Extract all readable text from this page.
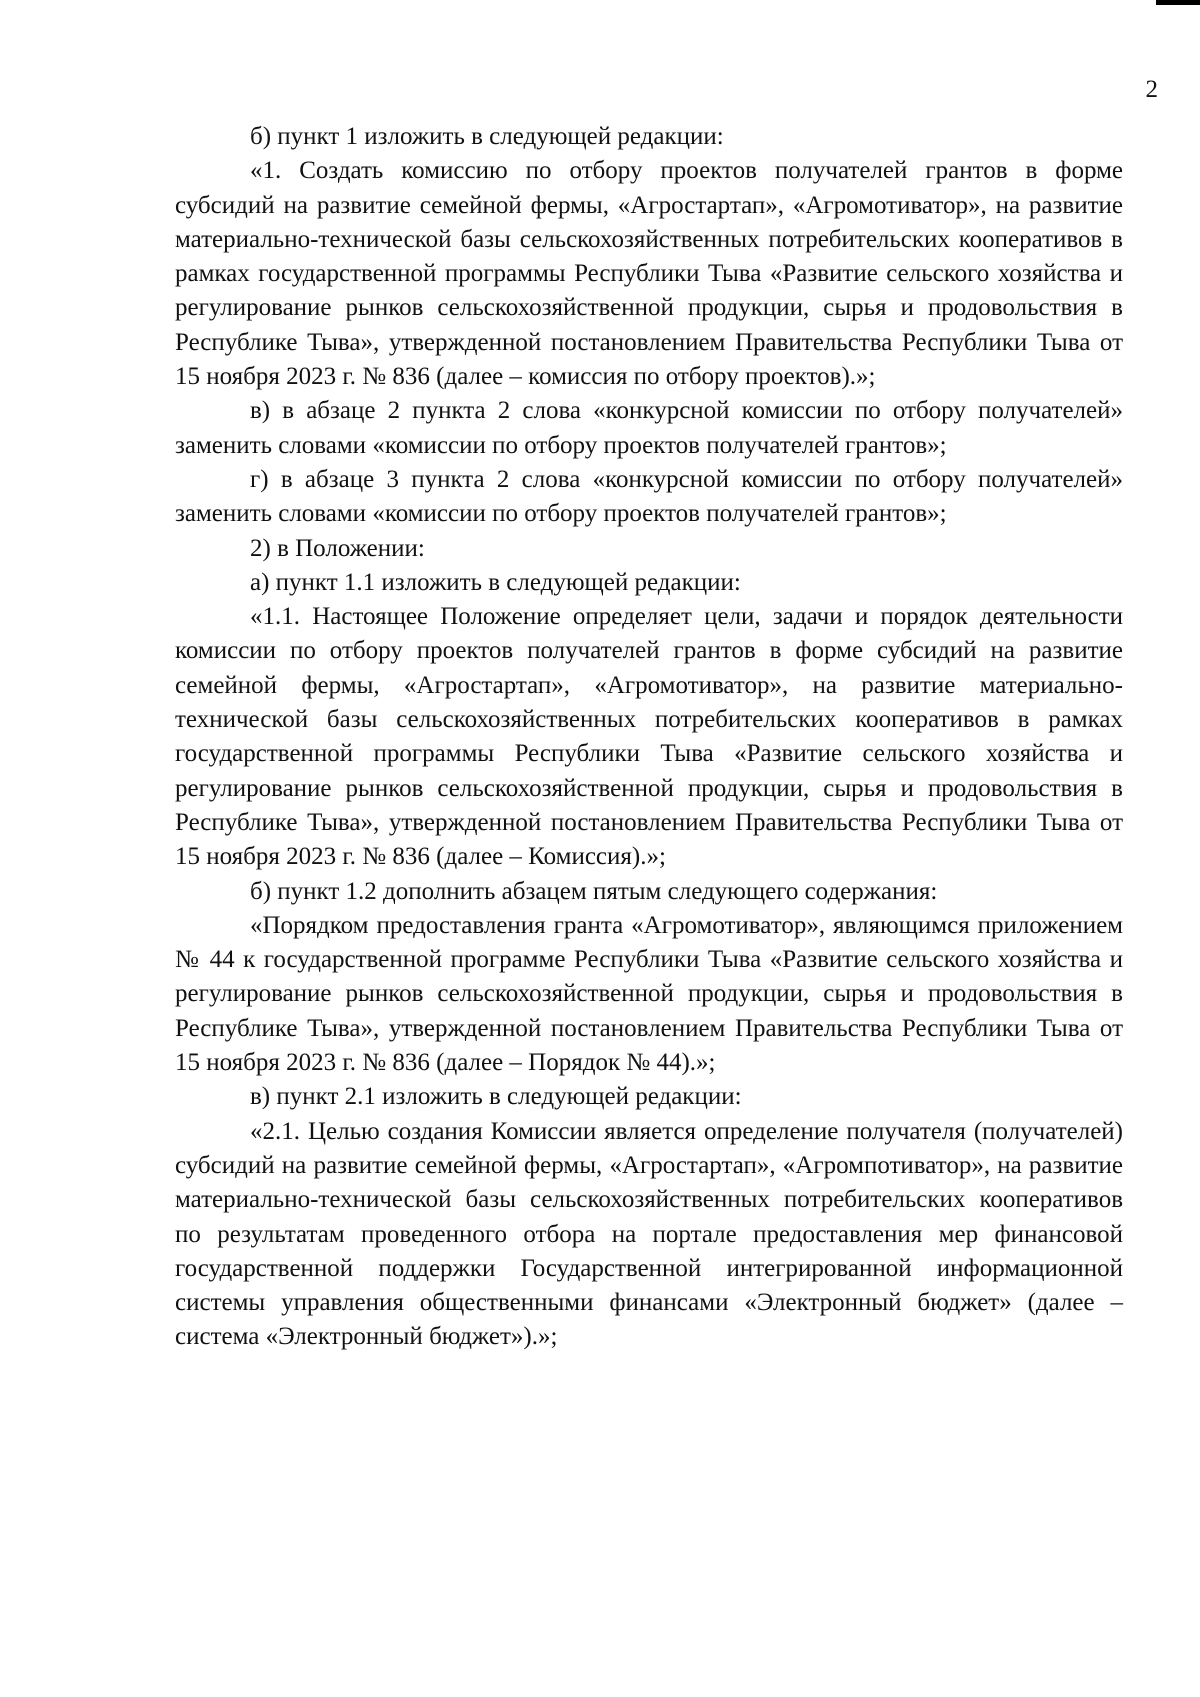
2

б) пункт 1 изложить в следующей редакции:

«1. Создать комиссию по отбору проектов получателей грантов в форме субсидий на развитие семейной фермы, «Агростартап», «Агромотиватор», на развитие материально-технической базы сельскохозяйственных потребительских кооперативов в рамках государственной программы Республики Тыва «Развитие сельского хозяйства и регулирование рынков сельскохозяйственной продукции, сырья и продовольствия в Республике Тыва», утвержденной постановлением Правительства Республики Тыва от 15 ноября 2023 г. № 836 (далее – комиссия по отбору проектов).»;

в) в абзаце 2 пункта 2 слова «конкурсной комиссии по отбору получателей» заменить словами «комиссии по отбору проектов получателей грантов»;

г) в абзаце 3 пункта 2 слова «конкурсной комиссии по отбору получателей» заменить словами «комиссии по отбору проектов получателей грантов»;

2) в Положении:

а) пункт 1.1 изложить в следующей редакции:

«1.1. Настоящее Положение определяет цели, задачи и порядок деятельности комиссии по отбору проектов получателей грантов в форме субсидий на развитие семейной фермы, «Агростартап», «Агромотиватор», на развитие материально-технической базы сельскохозяйственных потребительских кооперативов в рамках государственной программы Республики Тыва «Развитие сельского хозяйства и регулирование рынков сельскохозяйственной продукции, сырья и продовольствия в Республике Тыва», утвержденной постановлением Правительства Республики Тыва от 15 ноября 2023 г. № 836 (далее – Комиссия).»;

б) пункт 1.2 дополнить абзацем пятым следующего содержания:

«Порядком предоставления гранта «Агромотиватор», являющимся приложением № 44 к государственной программе Республики Тыва «Развитие сельского хозяйства и регулирование рынков сельскохозяйственной продукции, сырья и продовольствия в Республике Тыва», утвержденной постановлением Правительства Республики Тыва от 15 ноября 2023 г. № 836 (далее – Порядок № 44).»;

в) пункт 2.1 изложить в следующей редакции:

«2.1. Целью создания Комиссии является определение получателя (получателей) субсидий на развитие семейной фермы, «Агростартап», «Агромпотиватор», на развитие материально-технической базы сельскохозяйственных потребительских кооперативов по результатам проведенного отбора на портале предоставления мер финансовой государственной поддержки Государственной интегрированной информационной системы управления общественными финансами «Электронный бюджет» (далее – система «Электронный бюджет»).»;
